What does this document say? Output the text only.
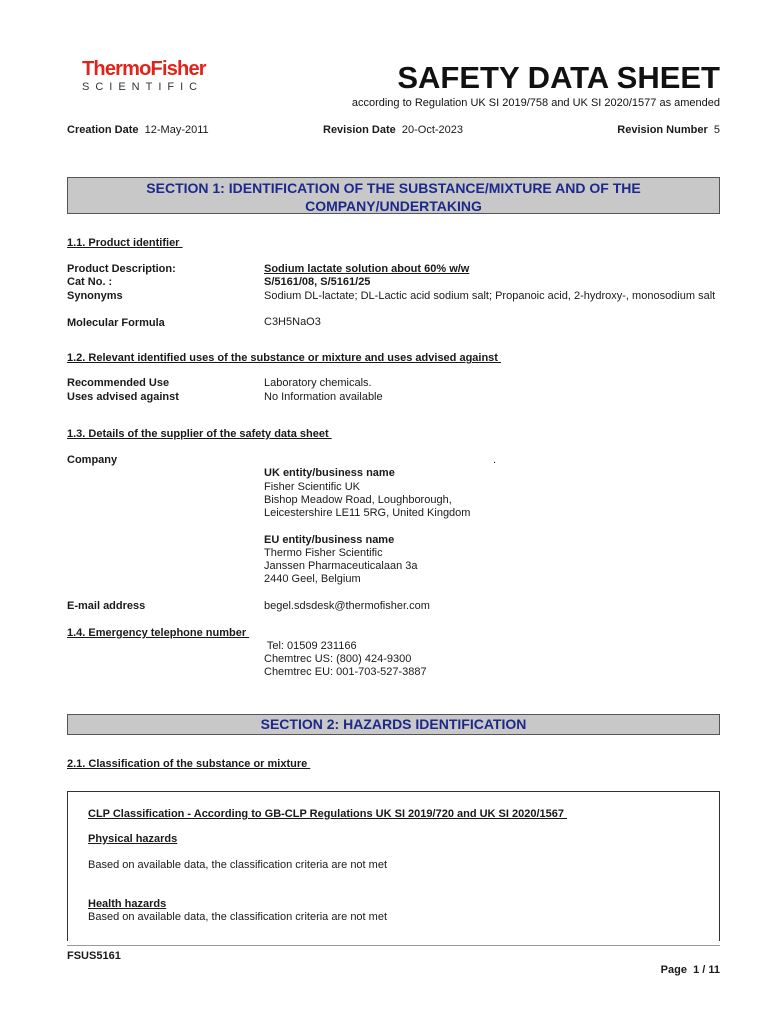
ThermoFisher
SCIENTIFIC	SAFETY DATA SHEET
according to Regulation UK SI 2019/758 and UK SI 2020/1577 as amended
Creation Date 12-May-2011	Revision Date 20-Oct-2023	Revision Number 5
SECTION 1: IDENTIFICATION OF THE SUBSTANCE/MIXTURE AND OF THE
COMPANY/UNDERTAKING
1.1. Product identifier
Product Description:	Sodium lactate solution about 60% w/w
Cat No. :	S/5161/08, S/5161/25
Synonyms	Sodium DL-lactate; DL-Lactic acid sodium salt; Propanoic acid, 2-hydroxy-, monosodium salt
Molecular Formula	C3H5NaO3
1.2. Relevant identified uses of the substance or mixture and uses advised against
Recommended Use	Laboratory chemicals.
Uses advised against	No Information available
1.3. Details of the supplier of the safety data sheet
Company	.
UK entity/business name
Fisher Scientific UK
Bishop Meadow Road, Loughborough,
Leicestershire LE11 5RG, United Kingdom
EU entity/business name
Thermo Fisher Scientific
Janssen Pharmaceuticalaan 3a
2440 Geel, Belgium
E-mail address	begel.sdsdesk@thermofisher.com
1.4. Emergency telephone number
Tel: 01509 231166
Chemtrec US: (800) 424-9300
Chemtrec EU: 001-703-527-3887
SECTION 2: HAZARDS IDENTIFICATION
2.1. Classification of the substance or mixture
CLP Classification - According to GB-CLP Regulations UK SI 2019/720 and UK SI 2020/1567
Physical hazards
Based on available data, the classification criteria are not met
Health hazards
Based on available data, the classification criteria are not met
FSUS5161
Page 1 / 11
